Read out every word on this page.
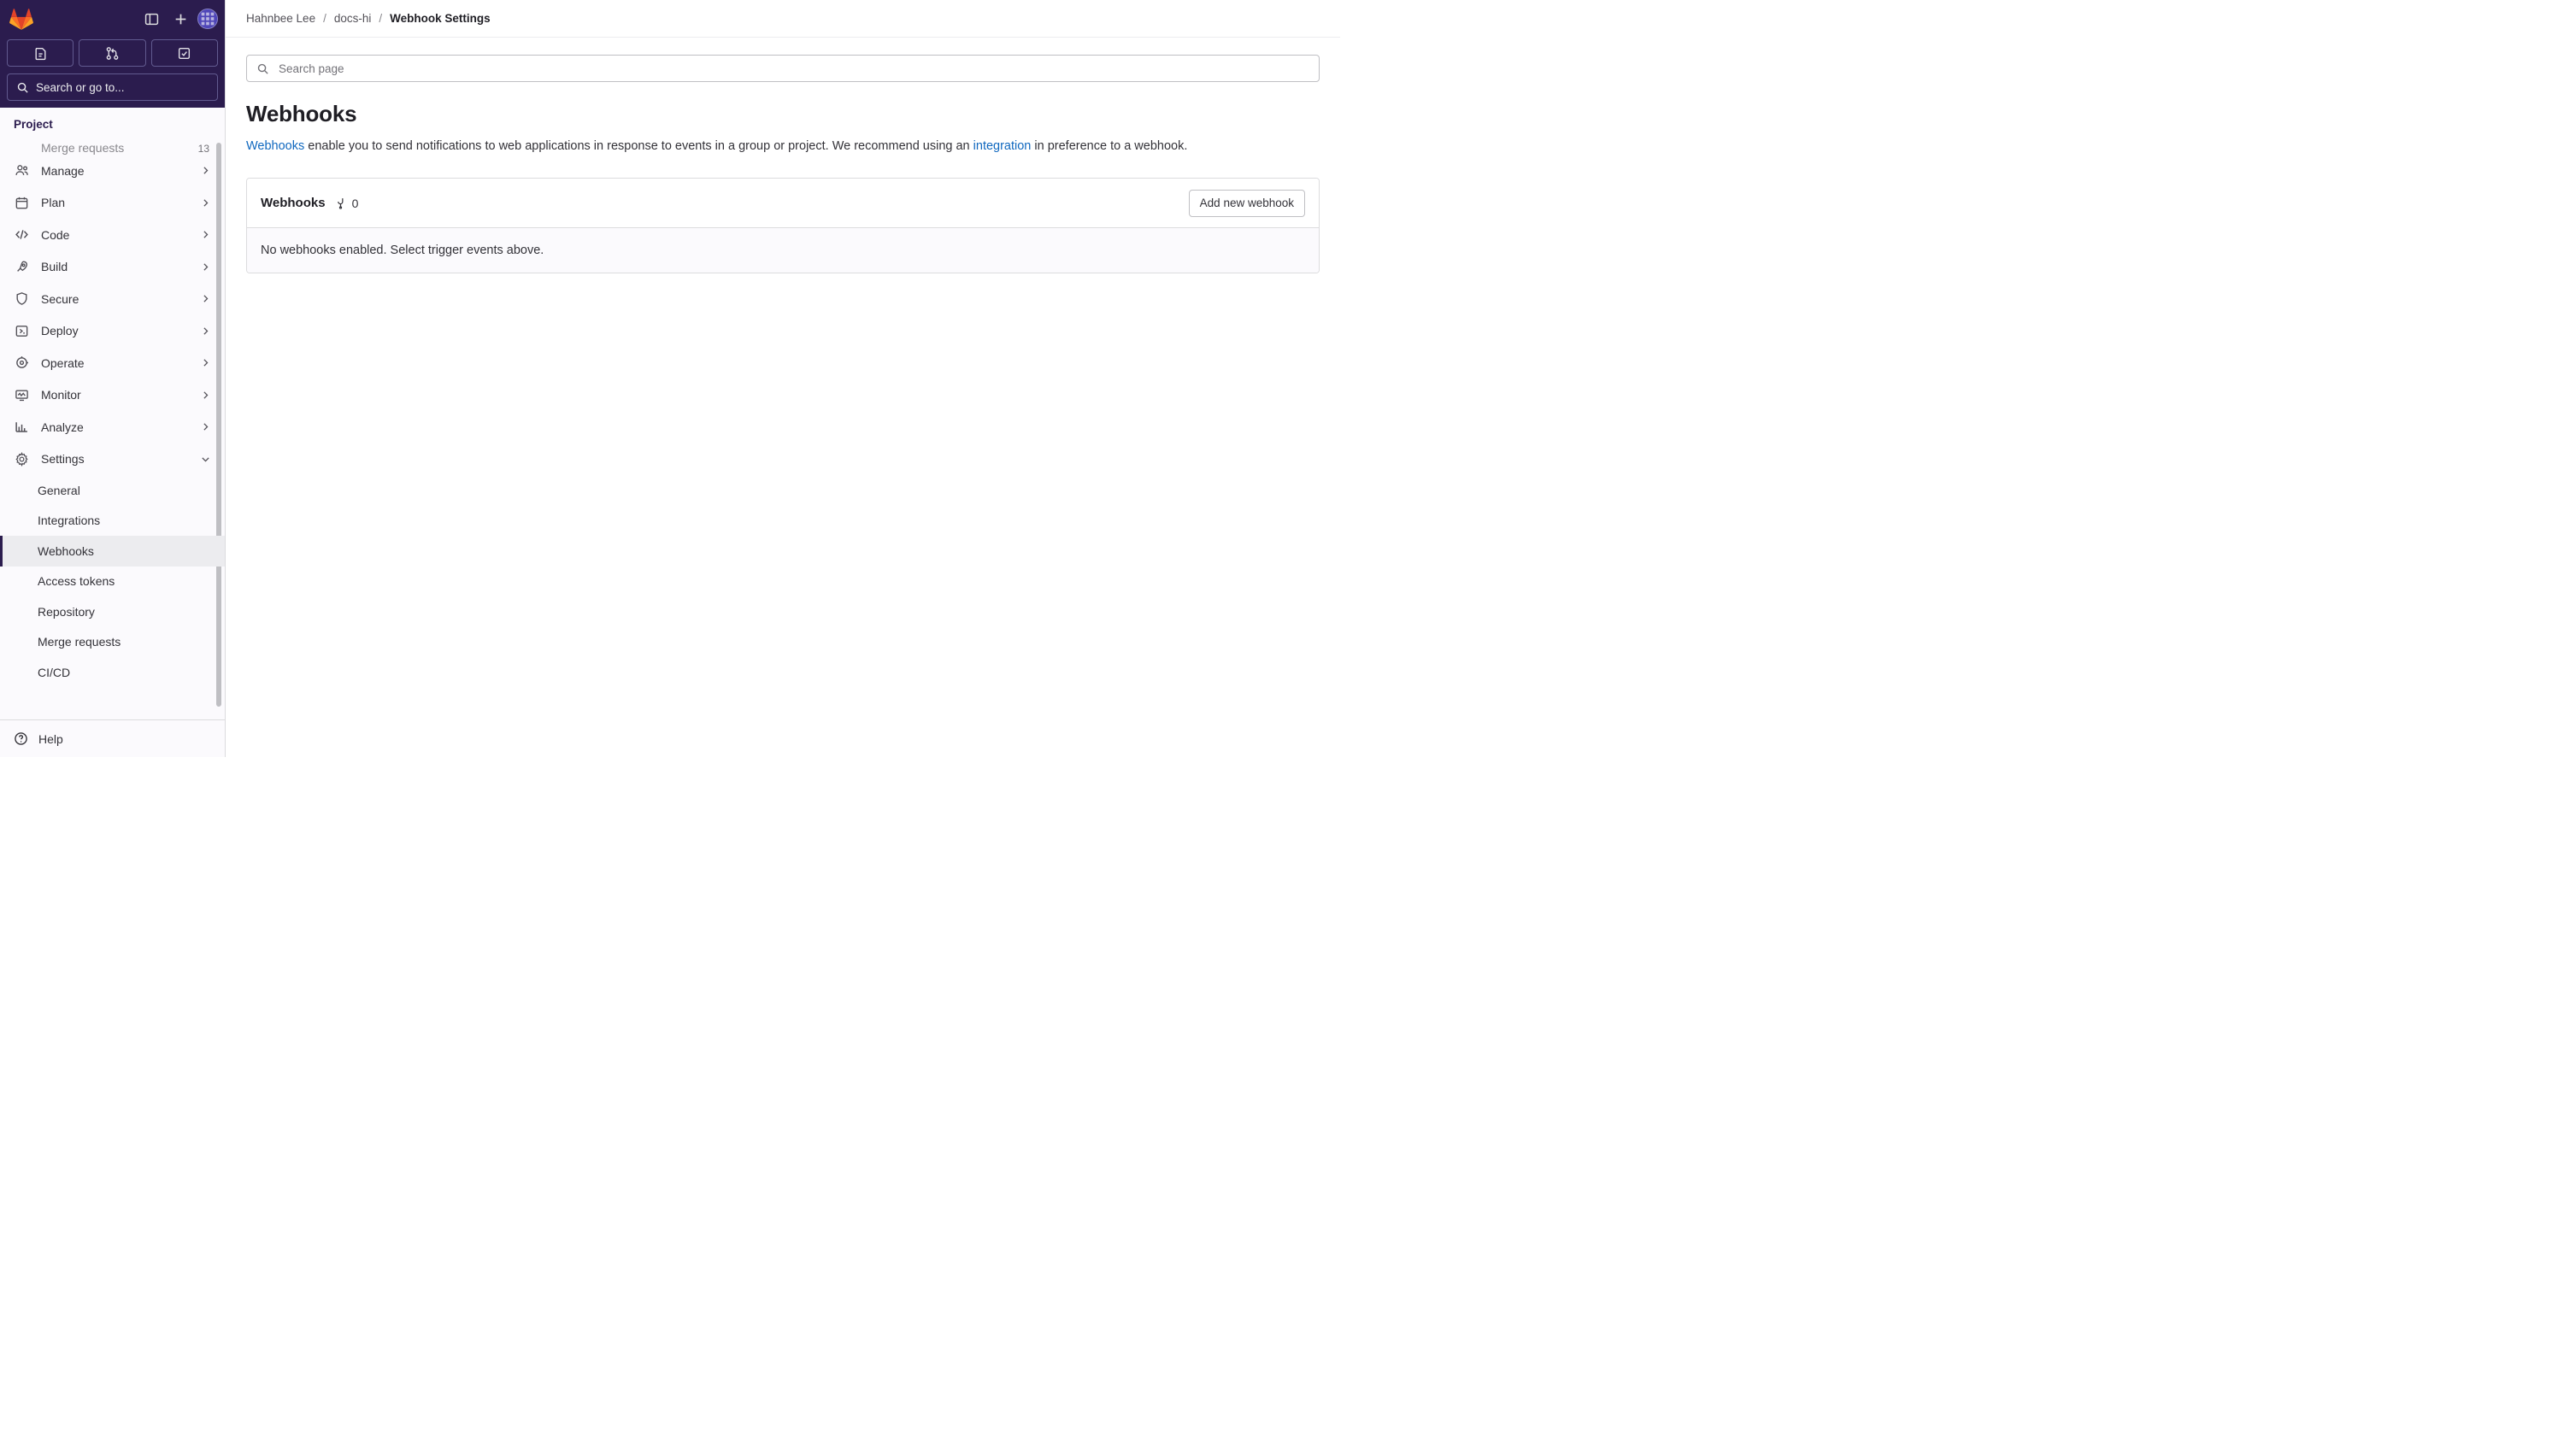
Search or go to...
Project
Merge requests	13
Manage
Plan
Code
Build
Secure
Deploy
Operate
Monitor
Analyze
Settings
General
Integrations
Webhooks
Access tokens
Repository
Merge requests
CI/CD
Help
Hahnbee Lee / docs-hi / Webhook Settings
Search page
Webhooks

Webhooks enable you to send notifications to web applications in response to events in a group or project. We recommend using an integration in preference to a webhook.

Webhooks 0	Add new webhook
No webhooks enabled. Select trigger events above.
